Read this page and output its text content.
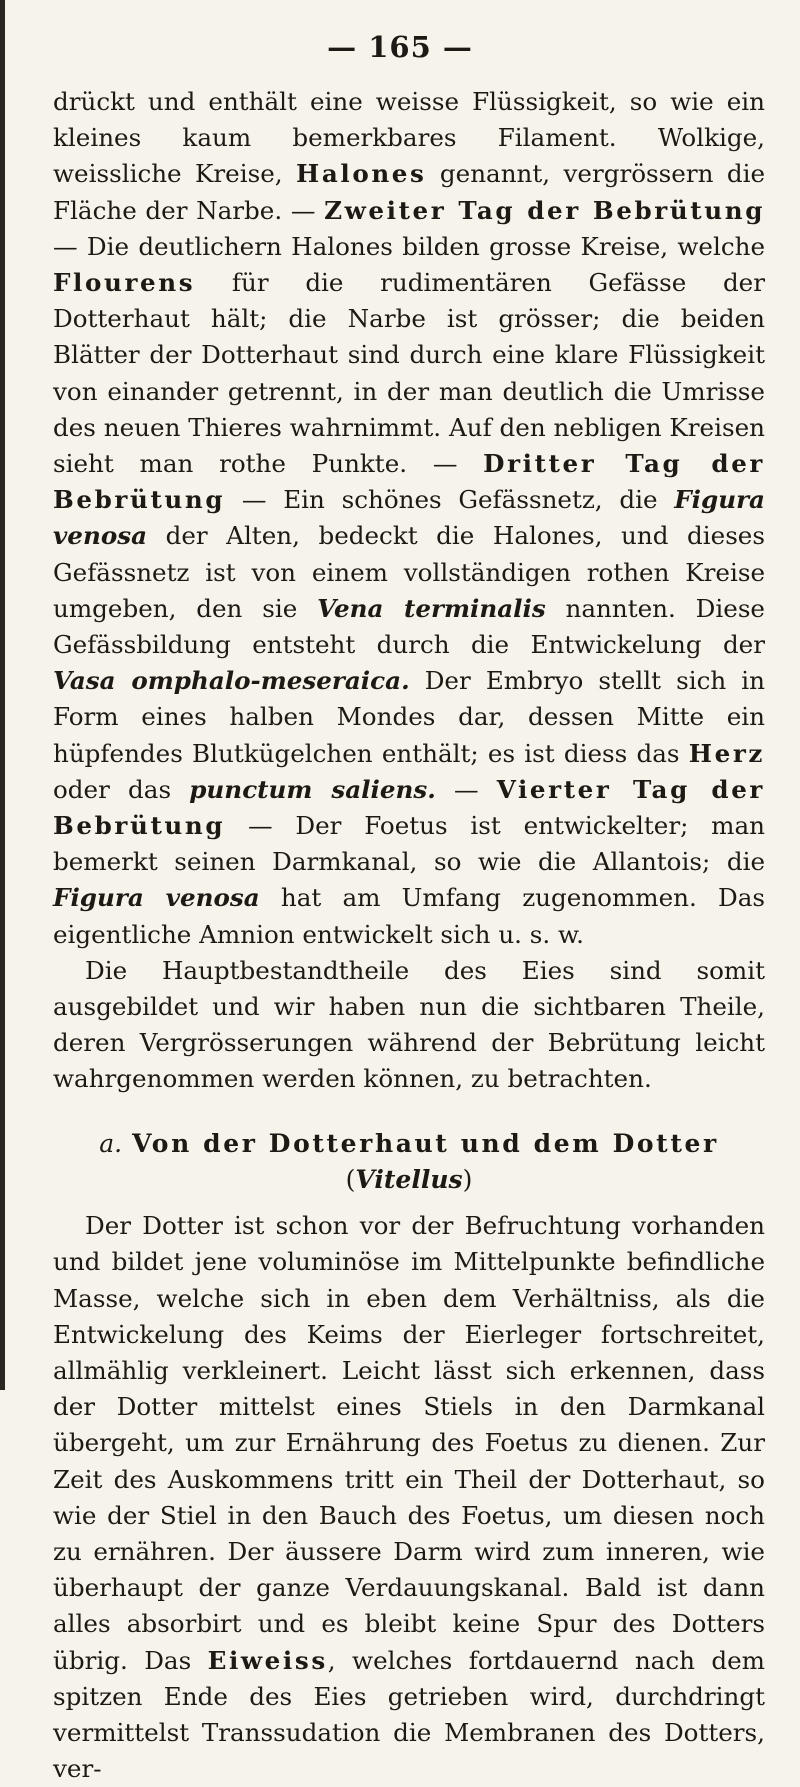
— 165 —

drückt und enthält eine weisse Flüssigkeit, so wie ein kleines kaum bemerkbares Filament. Wolkige, weissliche Kreise, Halones genannt, vergrössern die Fläche der Narbe. — Zweiter Tag der Bebrütung — Die deutlichern Halones bilden grosse Kreise, welche Flourens für die rudimentären Gefässe der Dotterhaut hält; die Narbe ist grösser; die beiden Blätter der Dotterhaut sind durch eine klare Flüssigkeit von einander getrennt, in der man deutlich die Umrisse des neuen Thieres wahrnimmt. Auf den nebligen Kreisen sieht man rothe Punkte. — Dritter Tag der Bebrütung — Ein schönes Gefässnetz, die Figura venosa der Alten, bedeckt die Halones, und dieses Gefässnetz ist von einem vollständigen rothen Kreise umgeben, den sie Vena terminalis nannten. Diese Gefässbildung entsteht durch die Entwickelung der Vasa omphalo-meseraica. Der Embryo stellt sich in Form eines halben Mondes dar, dessen Mitte ein hüpfendes Blutkügelchen enthält; es ist diess das Herz oder das punctum saliens. — Vierter Tag der Bebrütung — Der Foetus ist entwickelter; man bemerkt seinen Darmkanal, so wie die Allantois; die Figura venosa hat am Umfang zugenommen. Das eigentliche Amnion entwickelt sich u. s. w.

Die Hauptbestandtheile des Eies sind somit ausgebildet und wir haben nun die sichtbaren Theile, deren Vergrösserungen während der Bebrütung leicht wahrgenommen werden können, zu betrachten.

a. Von der Dotterhaut und dem Dotter (Vitellus)

Der Dotter ist schon vor der Befruchtung vorhanden und bildet jene voluminöse im Mittelpunkte befindliche Masse, welche sich in eben dem Verhältniss, als die Entwickelung des Keims der Eierleger fortschreitet, allmählig verkleinert. Leicht lässt sich erkennen, dass der Dotter mittelst eines Stiels in den Darmkanal übergeht, um zur Ernährung des Foetus zu dienen. Zur Zeit des Auskommens tritt ein Theil der Dotterhaut, so wie der Stiel in den Bauch des Foetus, um diesen noch zu ernähren. Der äussere Darm wird zum inneren, wie überhaupt der ganze Verdauungskanal. Bald ist dann alles absorbirt und es bleibt keine Spur des Dotters übrig. Das Eiweiss, welches fortdauernd nach dem spitzen Ende des Eies getrieben wird, durchdringt vermittelst Transsudation die Membranen des Dotters, ver-
